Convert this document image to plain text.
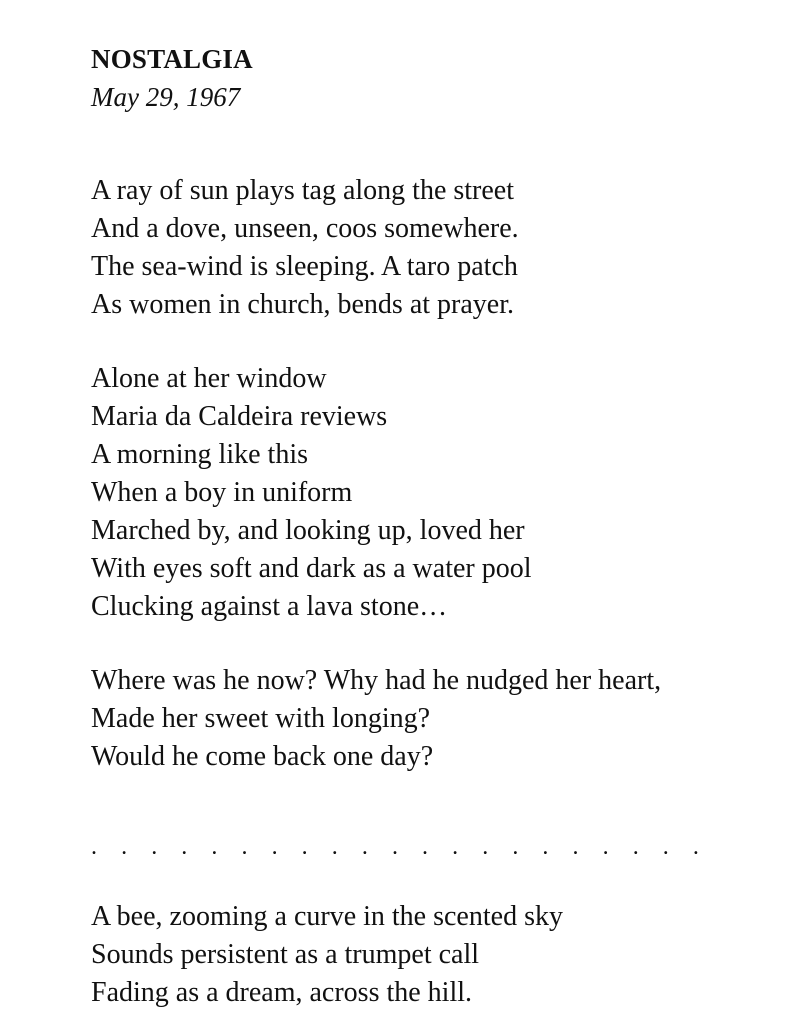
NOSTALGIA

May 29, 1967

A ray of sun plays tag along the street
And a dove, unseen, coos somewhere.
The sea-wind is sleeping. A taro patch
As women in church, bends at prayer.
Alone at her window
Maria da Caldeira reviews
A morning like this
When a boy in uniform
Marched by, and looking up, loved her
With eyes soft and dark as a water pool
Clucking against a lava stone…
Where was he now? Why had he nudged her heart,
Made her sweet with longing?
Would he come back one day?
. . . . . . . . . . . . . . . . . . . . .
A bee, zooming a curve in the scented sky
Sounds persistent as a trumpet call
Fading as a dream, across the hill.
